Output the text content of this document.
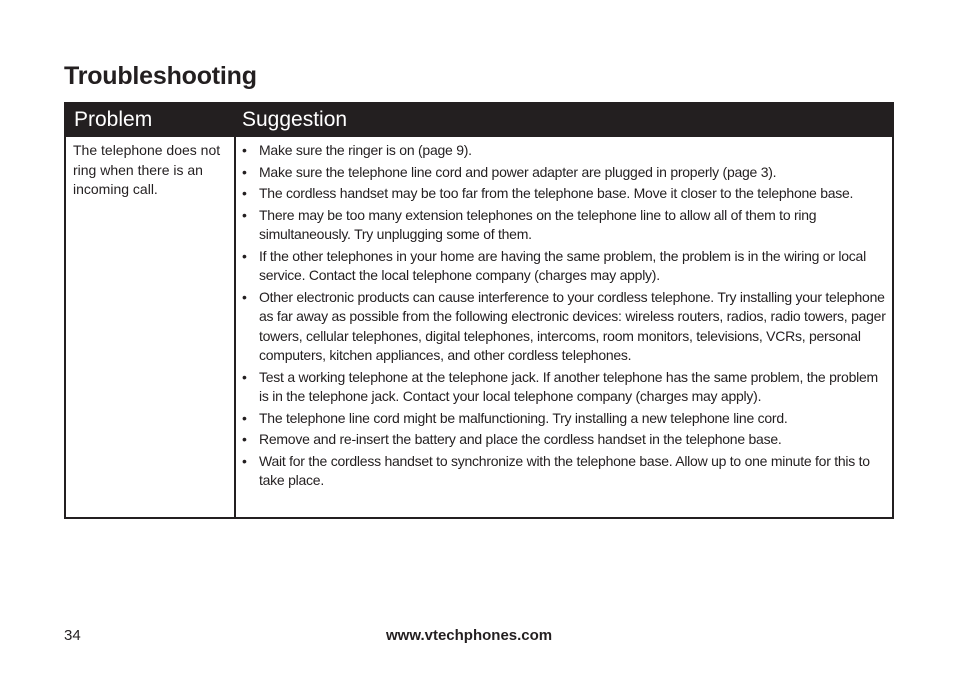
Troubleshooting
Problem	Suggestion
The telephone does not ring when there is an incoming call.
• Make sure the ringer is on (page 9).
• Make sure the telephone line cord and power adapter are plugged in properly (page 3).
• The cordless handset may be too far from the telephone base. Move it closer to the telephone base.
• There may be too many extension telephones on the telephone line to allow all of them to ring simultaneously. Try unplugging some of them.
• If the other telephones in your home are having the same problem, the problem is in the wiring or local service. Contact the local telephone company (charges may apply).
• Other electronic products can cause interference to your cordless telephone. Try installing your telephone as far away as possible from the following electronic devices: wireless routers, radios, radio towers, pager towers, cellular telephones, digital telephones, intercoms, room monitors, televisions, VCRs, personal computers, kitchen appliances, and other cordless telephones.
• Test a working telephone at the telephone jack. If another telephone has the same problem, the problem is in the telephone jack. Contact your local telephone company (charges may apply).
• The telephone line cord might be malfunctioning. Try installing a new telephone line cord.
• Remove and re-insert the battery and place the cordless handset in the telephone base.
• Wait for the cordless handset to synchronize with the telephone base. Allow up to one minute for this to take place.
34	www.vtechphones.com
